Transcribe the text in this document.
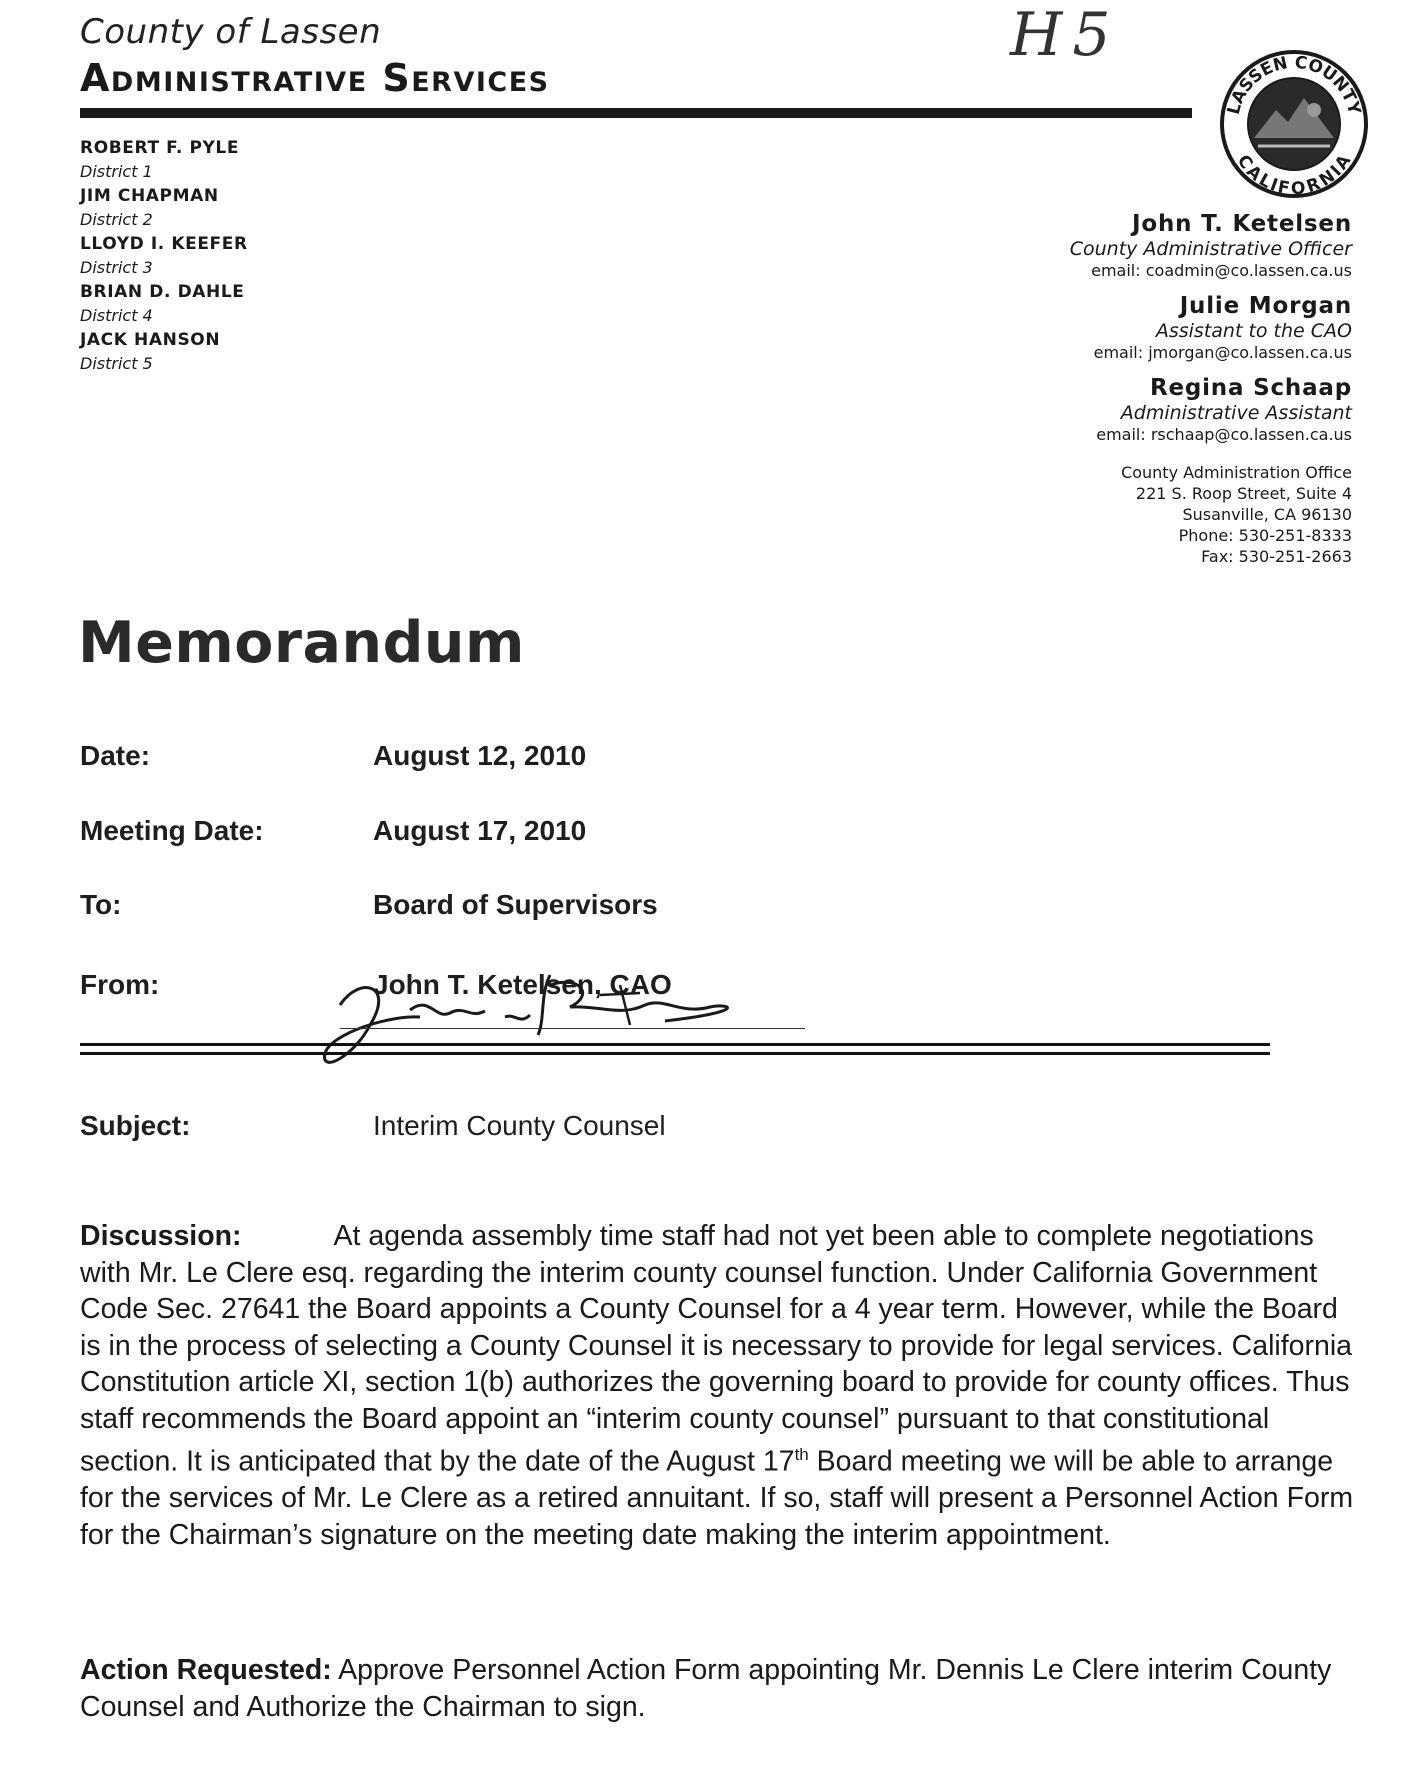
County of Lassen
Administrative Services
H5
LASSEN COUNTY
CALIFORNIA
ROBERT F. PYLE
District 1
JIM CHAPMAN
District 2
LLOYD I. KEEFER
District 3
BRIAN D. DAHLE
District 4
JACK HANSON
District 5
John T. Ketelsen
County Administrative Officer
email: coadmin@co.lassen.ca.us
Julie Morgan
Assistant to the CAO
email: jmorgan@co.lassen.ca.us
Regina Schaap
Administrative Assistant
email: rschaap@co.lassen.ca.us
County Administration Office
221 S. Roop Street, Suite 4
Susanville, CA 96130
Phone: 530-251-8333
Fax: 530-251-2663
Memorandum
Date:	August 12, 2010
Meeting Date:	August 17, 2010
To:	Board of Supervisors
From:	John T. Ketelsen, CAO
Subject:	Interim County Counsel
Discussion:	At agenda assembly time staff had not yet been able to complete negotiations with Mr. Le Clere esq. regarding the interim county counsel function. Under California Government Code Sec. 27641 the Board appoints a County Counsel for a 4 year term. However, while the Board is in the process of selecting a County Counsel it is necessary to provide for legal services. California Constitution article XI, section 1(b) authorizes the governing board to provide for county offices. Thus staff recommends the Board appoint an “interim county counsel” pursuant to that constitutional section. It is anticipated that by the date of the August 17th Board meeting we will be able to arrange for the services of Mr. Le Clere as a retired annuitant. If so, staff will present a Personnel Action Form for the Chairman’s signature on the meeting date making the interim appointment.
Action Requested: Approve Personnel Action Form appointing Mr. Dennis Le Clere interim County Counsel and Authorize the Chairman to sign.
